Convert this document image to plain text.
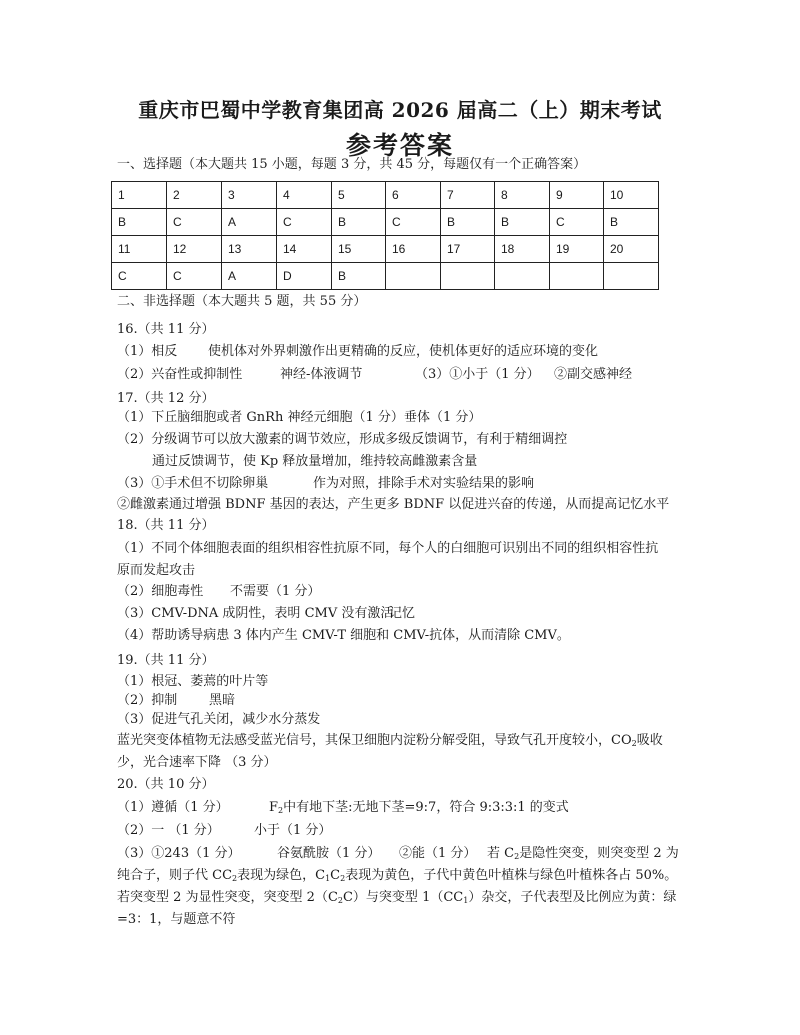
重庆市巴蜀中学教育集团高 2026 届高二（上）期末考试
参考答案
一、选择题（本大题共 15 小题，每题 3 分，共 45 分，每题仅有一个正确答案）
1	2	3	4	5	6	7	8	9	10
B	C	A	C	B	C	B	B	C	B
11	12	13	14	15	16	17	18	19	20
C	C	A	D	B					
二、非选择题（本大题共 5 题，共 55 分）
16.（共 11 分）
（1）相反 使机体对外界刺激作出更精确的反应，使机体更好的适应环境的变化
（2）兴奋性或抑制性	神经-体液调节	（3）①小于（1 分） ②副交感神经
17.（共 12 分）
（1）下丘脑细胞或者 GnRh 神经元细胞（1 分）垂体（1 分）
（2）分级调节可以放大激素的调节效应，形成多级反馈调节，有利于精细调控
通过反馈调节，使 Kp 释放量增加，维持较高雌激素含量
（3）①手术但不切除卵巢	作为对照，排除手术对实验结果的影响
②雌激素通过增强 BDNF 基因的表达，产生更多 BDNF 以促进兴奋的传递，从而提高记忆水平
18.（共 11 分）
（1）不同个体细胞表面的组织相容性抗原不同，每个人的白细胞可识别出不同的组织相容性抗
原而发起攻击
（2）细胞毒性 不需要（1 分）
（3）CMV-DNA 成阴性，表明 CMV 没有激活记忆
（4）帮助诱导病患 3 体内产生 CMV-T 细胞和 CMV-抗体，从而清除 CMV。
19.（共 11 分）
（1）根冠、萎蔫的叶片等
（2）抑制 黑暗
（3）促进气孔关闭，减少水分蒸发
蓝光突变体植物无法感受蓝光信号，其保卫细胞内淀粉分解受阻，导致气孔开度较小，$CO_2$吸收
少，光合速率下降 （3 分）
20.（共 10 分）
（1）遵循（1 分）	$F_2$中有地下茎:无地下茎=9:7，符合 9:3:3:1 的变式
（2）一 （1 分）	小于（1 分）
（3）①243（1 分）	谷氨酰胺（1 分） ②能（1 分） 若 $C_2$是隐性突变，则突变型 2 为
纯合子，则子代 $CC_2$表现为绿色，$C_1C_2$表现为黄色，子代中黄色叶植株与绿色叶植株各占 50%。
若突变型 2 为显性突变，突变型 $2(C_2C)$与突变型 $1(CC_1)$杂交，子代表型及比例应为黄：绿
=3：1，与题意不符
